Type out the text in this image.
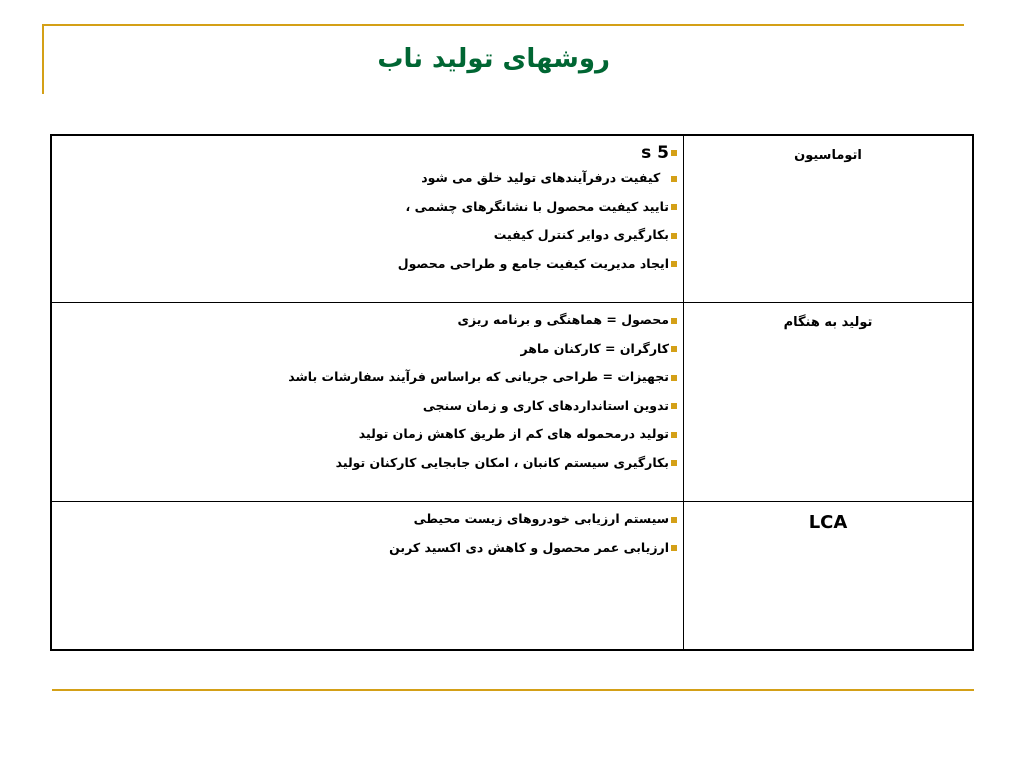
روشهای تولید ناب
اتوماسیون
5 s
کیفیت درفرآیندهای تولید خلق می شود
تایید کیفیت محصول با نشانگرهای چشمی ،
بکارگیری دوایر کنترل کیفیت
ایجاد مدیریت کیفیت جامع و طراحی محصول
تولید به هنگام
محصول = هماهنگی و برنامه ریزی
کارگران = کارکنان ماهر
تجهیزات = طراحی جریانی که براساس فرآیند سفارشات باشد
تدوین استانداردهای کاری و زمان سنجی
تولید درمحموله های کم از طریق کاهش زمان تولید
بکارگیری سیستم کانبان ، امکان جابجایی کارکنان تولید
LCA
سیستم ارزیابی خودروهای زیست محیطی
ارزیابی عمر محصول و کاهش دی اکسید کربن
